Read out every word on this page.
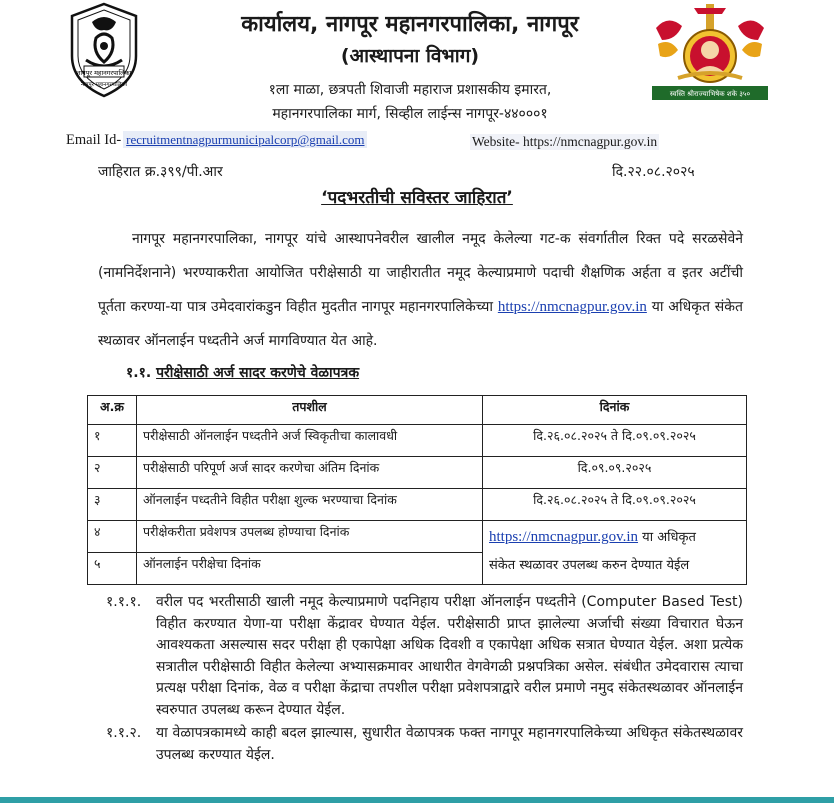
नागपूर महानगरपालिका
नागपूर महानगरपालिका
स्वस्ति श्रीराज्याभिषेक शके ३५०
कार्यालय, नागपूर महानगरपालिका, नागपूर
(आस्थापना विभाग)
१ला माळा, छत्रपती शिवाजी महाराज प्रशासकीय इमारत,
महानगरपालिका मार्ग, सिव्हील लाईन्स नागपूर-४४०००१
Email Id- recruitmentnagpurmunicipalcorp@gmail.com	Website- https://nmcnagpur.gov.in
जाहिरात क्र.३९९/पी.आर	दि.२२.०८.२०२५
‘पदभरतीची सविस्तर जाहिरात’

नागपूर महानगरपालिका, नागपूर यांचे आस्थापनेवरील खालील नमूद केलेल्या गट-क संवर्गातील रिक्त पदे सरळसेवेने (नामनिर्देशनाने) भरण्याकरीता आयोजित परीक्षेसाठी या जाहीरातीत नमूद केल्याप्रमाणे पदाची शैक्षणिक अर्हता व इतर अटींची पूर्तता करण्या-या पात्र उमेदवारांकडुन विहीत मुदतीत नागपूर महानगरपालिकेच्या https://nmcnagpur.gov.in या अधिकृत संकेत स्थळावर ऑनलाईन पध्दतीने अर्ज मागविण्यात येत आहे.

१.१. परीक्षेसाठी अर्ज सादर करणेचे वेळापत्रक
अ.क्र	तपशील	दिनांक
१	परीक्षेसाठी ऑनलाईन पध्दतीने अर्ज स्विकृतीचा कालावधी	दि.२६.०८.२०२५ ते दि.०९.०९.२०२५
२	परीक्षेसाठी परिपूर्ण अर्ज सादर करणेचा अंतिम दिनांक	दि.०९.०९.२०२५
३	ऑनलाईन पध्दतीने विहीत परीक्षा शुल्क भरण्याचा दिनांक	दि.२६.०८.२०२५ ते दि.०९.०९.२०२५
४	परीक्षेकरीता प्रवेशपत्र उपलब्ध होण्याचा दिनांक	https://nmcnagpur.gov.in या अधिकृत
संकेत स्थळावर उपलब्ध करुन देण्यात येईल
५	ऑनलाईन परीक्षेचा दिनांक	
१.१.१. वरील पद भरतीसाठी खाली नमूद केल्याप्रमाणे पदनिहाय परीक्षा ऑनलाईन पध्दतीने (Computer Based Test) विहीत करण्यात येणा-या परीक्षा केंद्रावर घेण्यात येईल. परीक्षेसाठी प्राप्त झालेल्या अर्जाची संख्या विचारात घेऊन आवश्यकता असल्यास सदर परीक्षा ही एकापेक्षा अधिक दिवशी व एकापेक्षा अधिक सत्रात घेण्यात येईल. अशा प्रत्येक सत्रातील परीक्षेसाठी विहीत केलेल्या अभ्यासक्रमावर आधारीत वेगवेगळी प्रश्नपत्रिका असेल. संबंधीत उमेदवारास त्याचा प्रत्यक्ष परीक्षा दिनांक, वेळ व परीक्षा केंद्राचा तपशील परीक्षा प्रवेशपत्राद्वारे वरील प्रमाणे नमुद संकेतस्थळावर ऑनलाईन स्वरुपात उपलब्ध करून देण्यात येईल.
१.१.२. या वेळापत्रकामध्ये काही बदल झाल्यास, सुधारीत वेळापत्रक फक्त नागपूर महानगरपालिकेच्या अधिकृत संकेतस्थळावर उपलब्ध करण्यात येईल.
